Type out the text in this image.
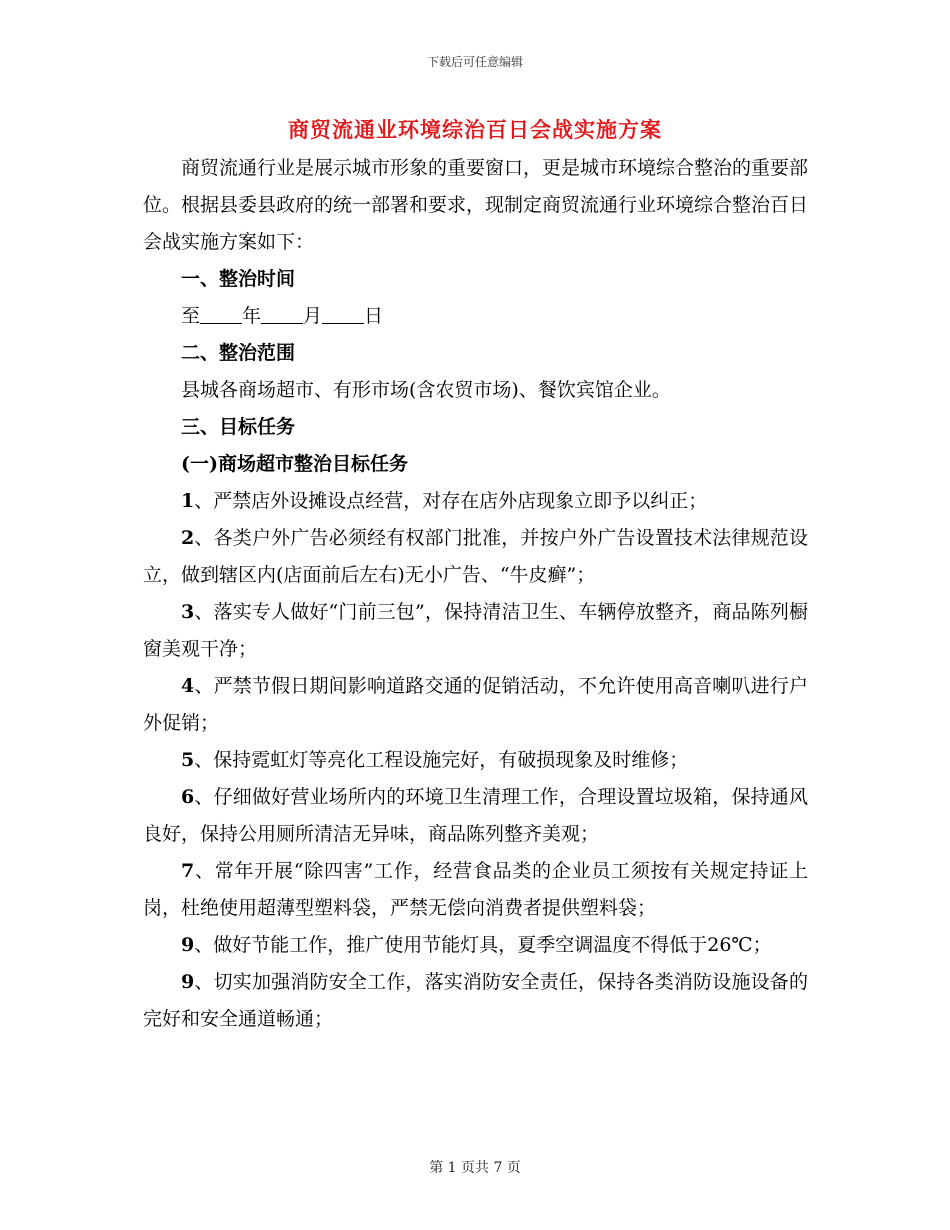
下载后可任意编辑
商贸流通业环境综治百日会战实施方案

商贸流通行业是展示城市形象的重要窗口，更是城市环境综合整治的重要部位。根据县委县政府的统一部署和要求，现制定商贸流通行业环境综合整治百日会战实施方案如下：

一、整治时间

至 年 月 日

二、整治范围

县城各商场超市、有形市场(含农贸市场)、餐饮宾馆企业。

三、目标任务

(一)商场超市整治目标任务

1、严禁店外设摊设点经营，对存在店外店现象立即予以纠正；

2、各类户外广告必须经有权部门批准，并按户外广告设置技术法律规范设立，做到辖区内(店面前后左右)无小广告、“牛皮癣”；

3、落实专人做好“门前三包”，保持清洁卫生、车辆停放整齐，商品陈列橱窗美观干净；

4、严禁节假日期间影响道路交通的促销活动，不允许使用高音喇叭进行户外促销；

5、保持霓虹灯等亮化工程设施完好，有破损现象及时维修；

6、仔细做好营业场所内的环境卫生清理工作，合理设置垃圾箱，保持通风良好，保持公用厕所清洁无异味，商品陈列整齐美观；

7、常年开展“除四害”工作，经营食品类的企业员工须按有关规定持证上岗，杜绝使用超薄型塑料袋，严禁无偿向消费者提供塑料袋；

9、做好节能工作，推广使用节能灯具，夏季空调温度不得低于26℃；

9、切实加强消防安全工作，落实消防安全责任，保持各类消防设施设备的完好和安全通道畅通；

第 1 页共 7 页
